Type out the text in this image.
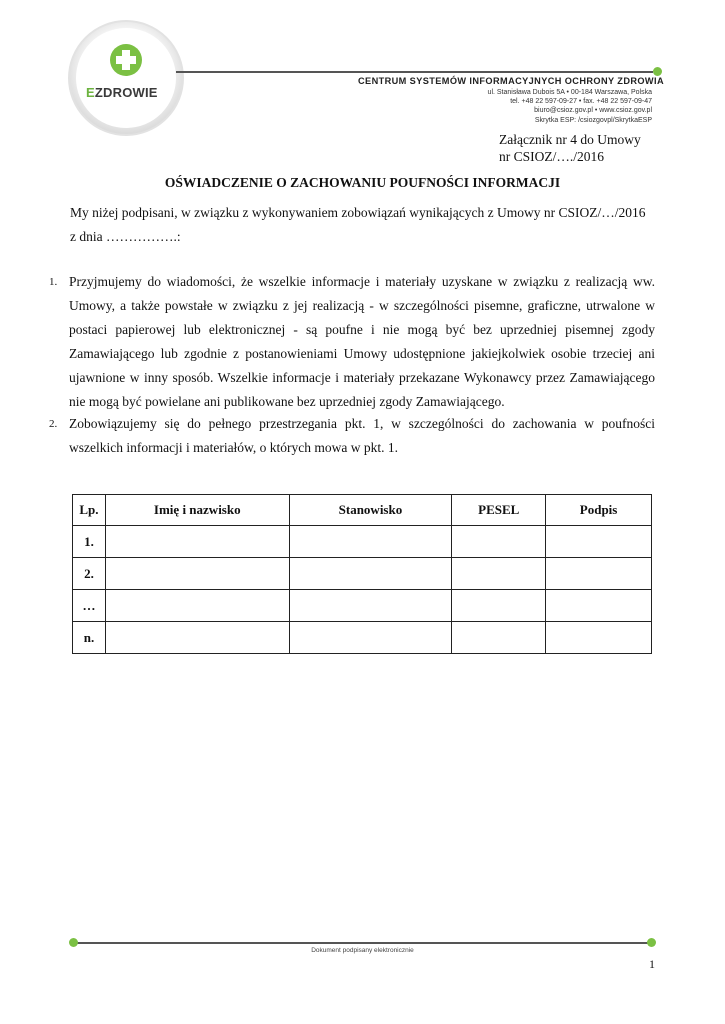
EZDROWIE
CENTRUM SYSTEMÓW INFORMACYJNYCH OCHRONY ZDROWIA
ul. Stanisława Dubois 5A • 00-184 Warszawa, Polska
tel. +48 22 597-09-27 • fax. +48 22 597-09-47
biuro@csioz.gov.pl • www.csioz.gov.pl
Skrytka ESP: /csiozgovpl/SkrytkaESP
Załącznik nr 4 do Umowy
nr CSIOZ/…./2016
OŚWIADCZENIE O ZACHOWANIU POUFNOŚCI INFORMACJI
My niżej podpisani, w związku z wykonywaniem zobowiązań wynikających z Umowy nr CSIOZ/…/2016
z dnia …………….:
1. Przyjmujemy do wiadomości, że wszelkie informacje i materiały uzyskane w związku z realizacją ww. Umowy, a także powstałe w związku z jej realizacją - w szczególności pisemne, graficzne, utrwalone w postaci papierowej lub elektronicznej - są poufne i nie mogą być bez uprzedniej pisemnej zgody Zamawiającego lub zgodnie z postanowieniami Umowy udostępnione jakiejkolwiek osobie trzeciej ani ujawnione w inny sposób. Wszelkie informacje i materiały przekazane Wykonawcy przez Zamawiającego nie mogą być powielane ani publikowane bez uprzedniej zgody Zamawiającego.
2. Zobowiązujemy się do pełnego przestrzegania pkt. 1, w szczególności do zachowania w poufności wszelkich informacji i materiałów, o których mowa w pkt. 1.
Lp.	Imię i nazwisko	Stanowisko	PESEL	Podpis
1.				
2.				
…				
n.				
Dokument podpisany elektronicznie
1
